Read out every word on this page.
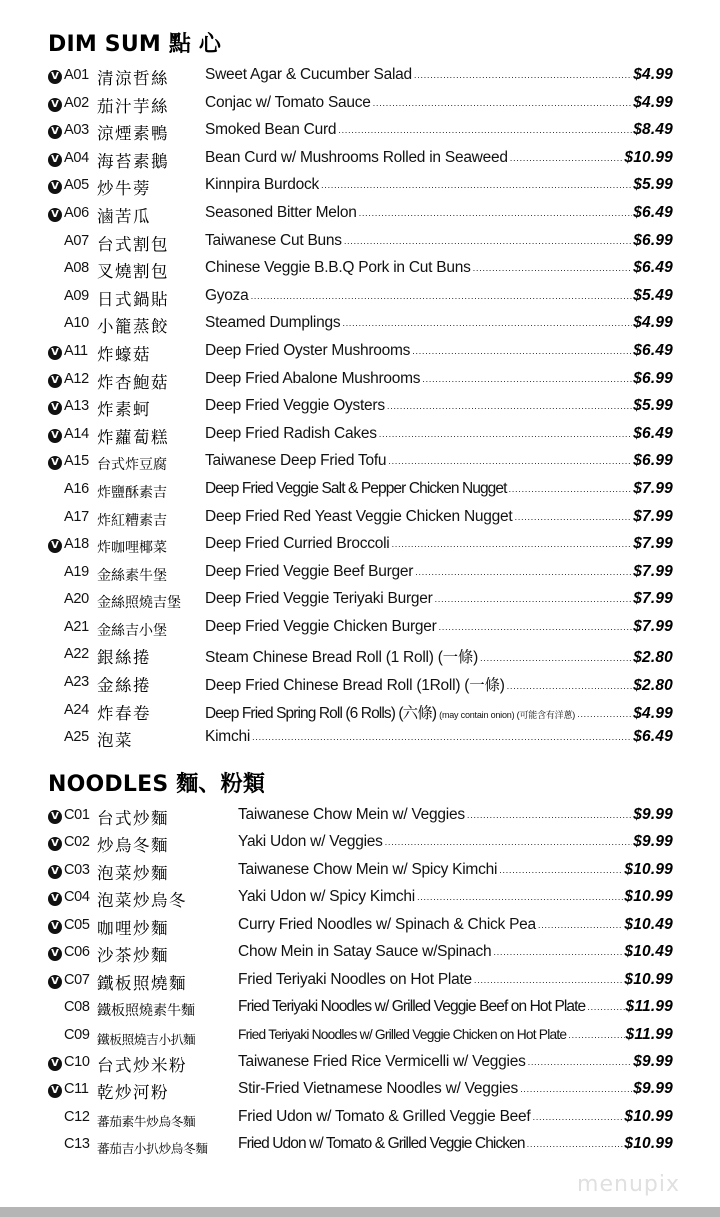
DIM SUM 點 心
V A01 清涼哲絲 Sweet Agar & Cucumber Salad .....	$4.99
V A02 茄汁芋絲 Conjac w/ Tomato Sauce .....	$4.99
V A03 涼煙素鴨 Smoked Bean Curd .....	$8.49
V A04 海苔素鵝 Bean Curd w/ Mushrooms Rolled in Seaweed .....	$10.99
V A05 炒牛蒡	Kinnpira Burdock .....	$5.99
V A06 滷苦瓜	Seasoned Bitter Melon .....	$6.49
A07 台式割包 Taiwanese Cut Buns .....	$6.99
A08 叉燒割包 Chinese Veggie B.B.Q Pork in Cut Buns .....	$6.49
A09 日式鍋貼 Gyoza .....	$5.49
A10 小籠蒸餃 Steamed Dumplings .....	$4.99
V A11 炸蠔菇	Deep Fried Oyster Mushrooms .....	$6.49
V A12 炸杏鮑菇 Deep Fried Abalone Mushrooms .....	$6.99
V A13 炸素蚵	Deep Fried Veggie Oysters .....	$5.99
V A14 炸蘿蔔糕 Deep Fried Radish Cakes .....	$6.49
V A15 台式炸豆腐 Taiwanese Deep Fried Tofu .....	$6.99
A16 炸鹽酥素吉 Deep Fried Veggie Salt & Pepper Chicken Nugget .....	$7.99
A17 炸紅糟素吉 Deep Fried Red Yeast Veggie Chicken Nugget .....	$7.99
V A18 炸咖哩椰菜 Deep Fried Curried Broccoli .....	$7.99
A19 金絲素牛堡 Deep Fried Veggie Beef Burger .....	$7.99
A20 金絲照燒吉堡 Deep Fried Veggie Teriyaki Burger .....	$7.99
A21 金絲吉小堡 Deep Fried Veggie Chicken Burger .....	$7.99
A22 銀絲捲	Steam Chinese Bread Roll (1 Roll) (一條) .....	$2.80
A23 金絲捲	Deep Fried Chinese Bread Roll (1Roll) (一條) .....	$2.80
A24 炸春卷	Deep Fried Spring Roll (6 Rolls) (六條) (may contain onion) (可能含有洋蔥) .....	$4.99
A25 泡菜	Kimchi .....	$6.49
NOODLES 麵、粉類
V C01 台式炒麵	Taiwanese Chow Mein w/ Veggies .....	$9.99
V C02 炒烏冬麵	Yaki Udon w/ Veggies .....	$9.99
V C03 泡菜炒麵	Taiwanese Chow Mein w/ Spicy Kimchi .....	$10.99
V C04 泡菜炒烏冬	Yaki Udon w/ Spicy Kimchi .....	$10.99
V C05 咖哩炒麵	Curry Fried Noodles w/ Spinach & Chick Pea .....	$10.49
V C06 沙茶炒麵	Chow Mein in Satay Sauce w/Spinach .....	$10.49
V C07 鐵板照燒麵	Fried Teriyaki Noodles on Hot Plate .....	$10.99
C08 鐵板照燒素牛麵	Fried Teriyaki Noodles w/ Grilled Veggie Beef on Hot Plate .....	$11.99
C09 鐵板照燒吉小扒麵	Fried Teriyaki Noodles w/ Grilled Veggie Chicken on Hot Plate .....	$11.99
V C10 台式炒米粉	Taiwanese Fried Rice Vermicelli w/ Veggies .....	$9.99
V C11 乾炒河粉	Stir-Fried Vietnamese Noodles w/ Veggies .....	$9.99
C12 蕃茄素牛炒烏冬麵	Fried Udon w/ Tomato & Grilled Veggie Beef .....	$10.99
C13 蕃茄吉小扒炒烏冬麵 Fried Udon w/ Tomato & Grilled Veggie Chicken .....	$10.99
menupix
